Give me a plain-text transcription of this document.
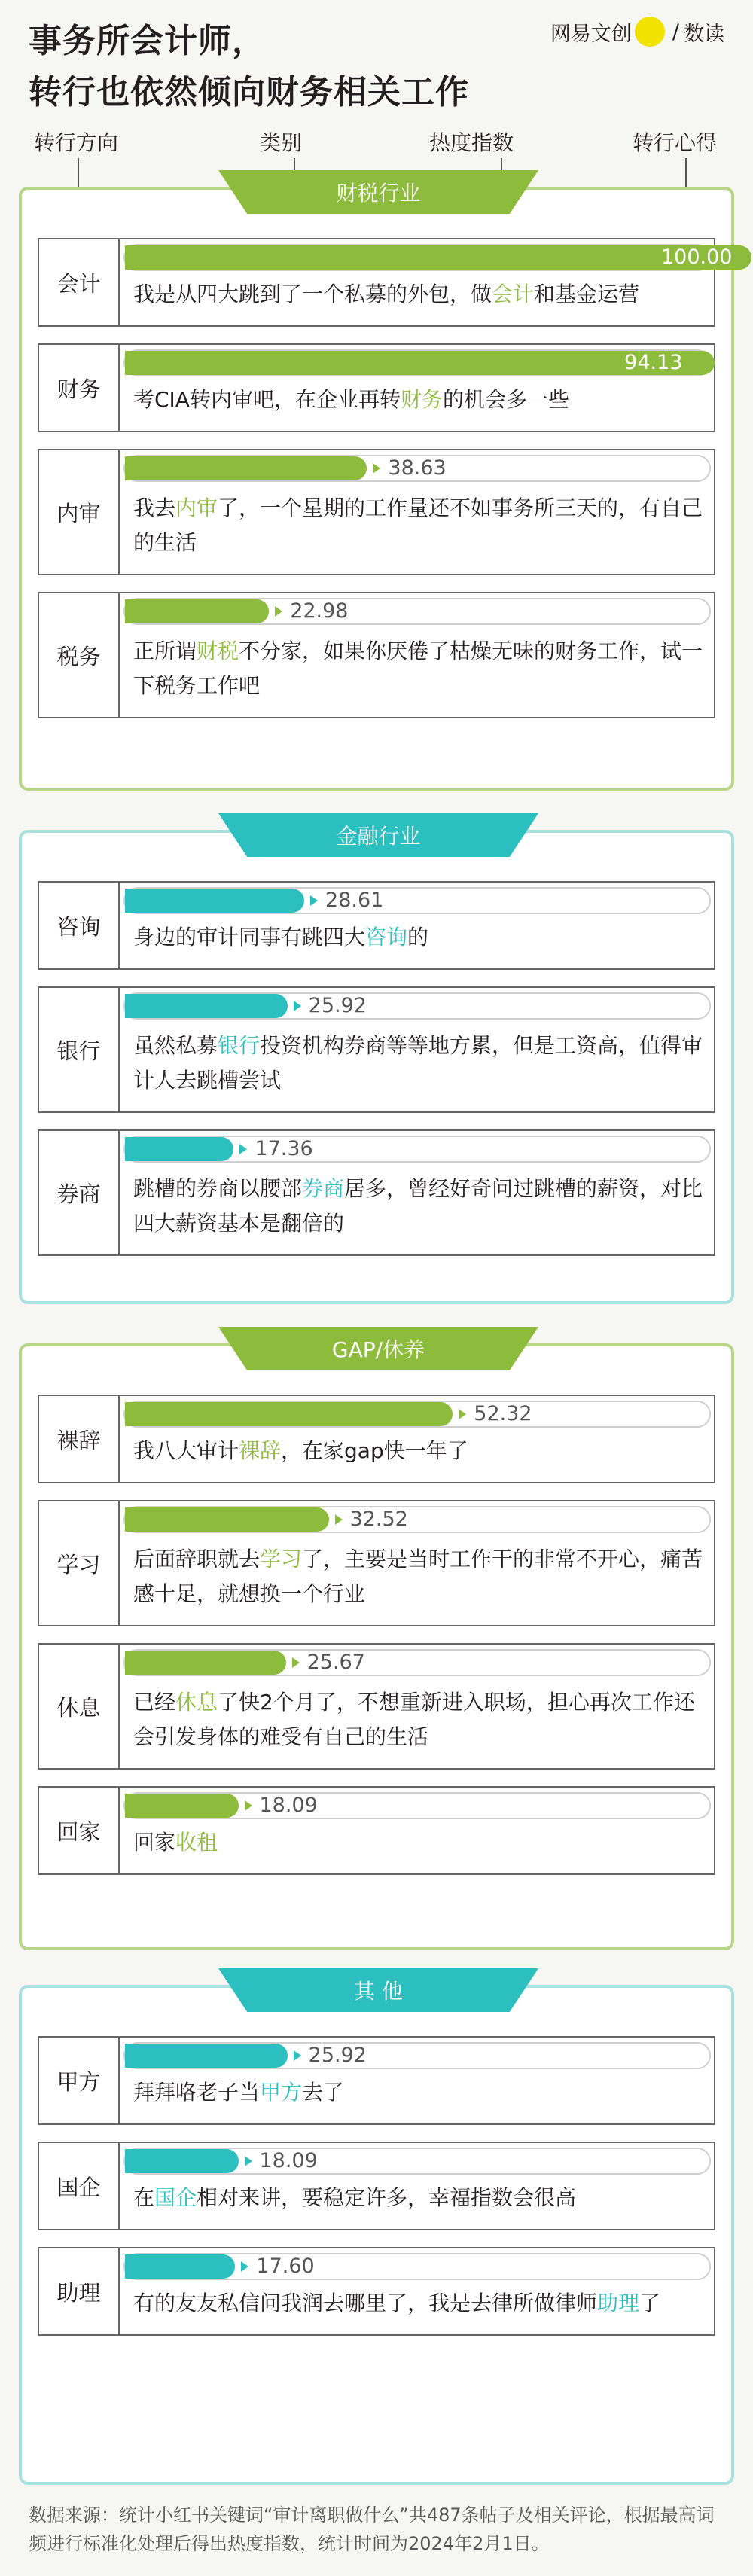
事务所会计师，
转行也依然倾向财务相关工作
网易文创 / 数读
转行方向	类别	热度指数	转行心得
财税行业
会计
100.00
我是从四大跳到了一个私募的外包，做会计和基金运营
财务
94.13
考CIA转内审吧，在企业再转财务的机会多一些
内审
38.63
我去内审了，一个星期的工作量还不如事务所三天的，有自己的生活
税务
22.98
正所谓财税不分家，如果你厌倦了枯燥无味的财务工作，试一下税务工作吧
金融行业
咨询
28.61
身边的审计同事有跳四大咨询的
银行
25.92
虽然私募银行投资机构券商等等地方累，但是工资高，值得审计人去跳槽尝试
券商
17.36
跳槽的券商以腰部券商居多，曾经好奇问过跳槽的薪资，对比四大薪资基本是翻倍的
GAP/休养
裸辞
52.32
我八大审计裸辞，在家gap快一年了
学习
32.52
后面辞职就去学习了，主要是当时工作干的非常不开心，痛苦感十足，就想换一个行业
休息
25.67
已经休息了快2个月了，不想重新进入职场，担心再次工作还会引发身体的难受有自己的生活
回家
18.09
回家收租
其 他
甲方
25.92
拜拜咯老子当甲方去了
国企
18.09
在国企相对来讲，要稳定许多，幸福指数会很高
助理
17.60
有的友友私信问我润去哪里了，我是去律所做律师助理了
数据来源：统计小红书关键词“审计离职做什么”共487条帖子及相关评论，根据最高词频进行标准化处理后得出热度指数，统计时间为2024年2月1日。
